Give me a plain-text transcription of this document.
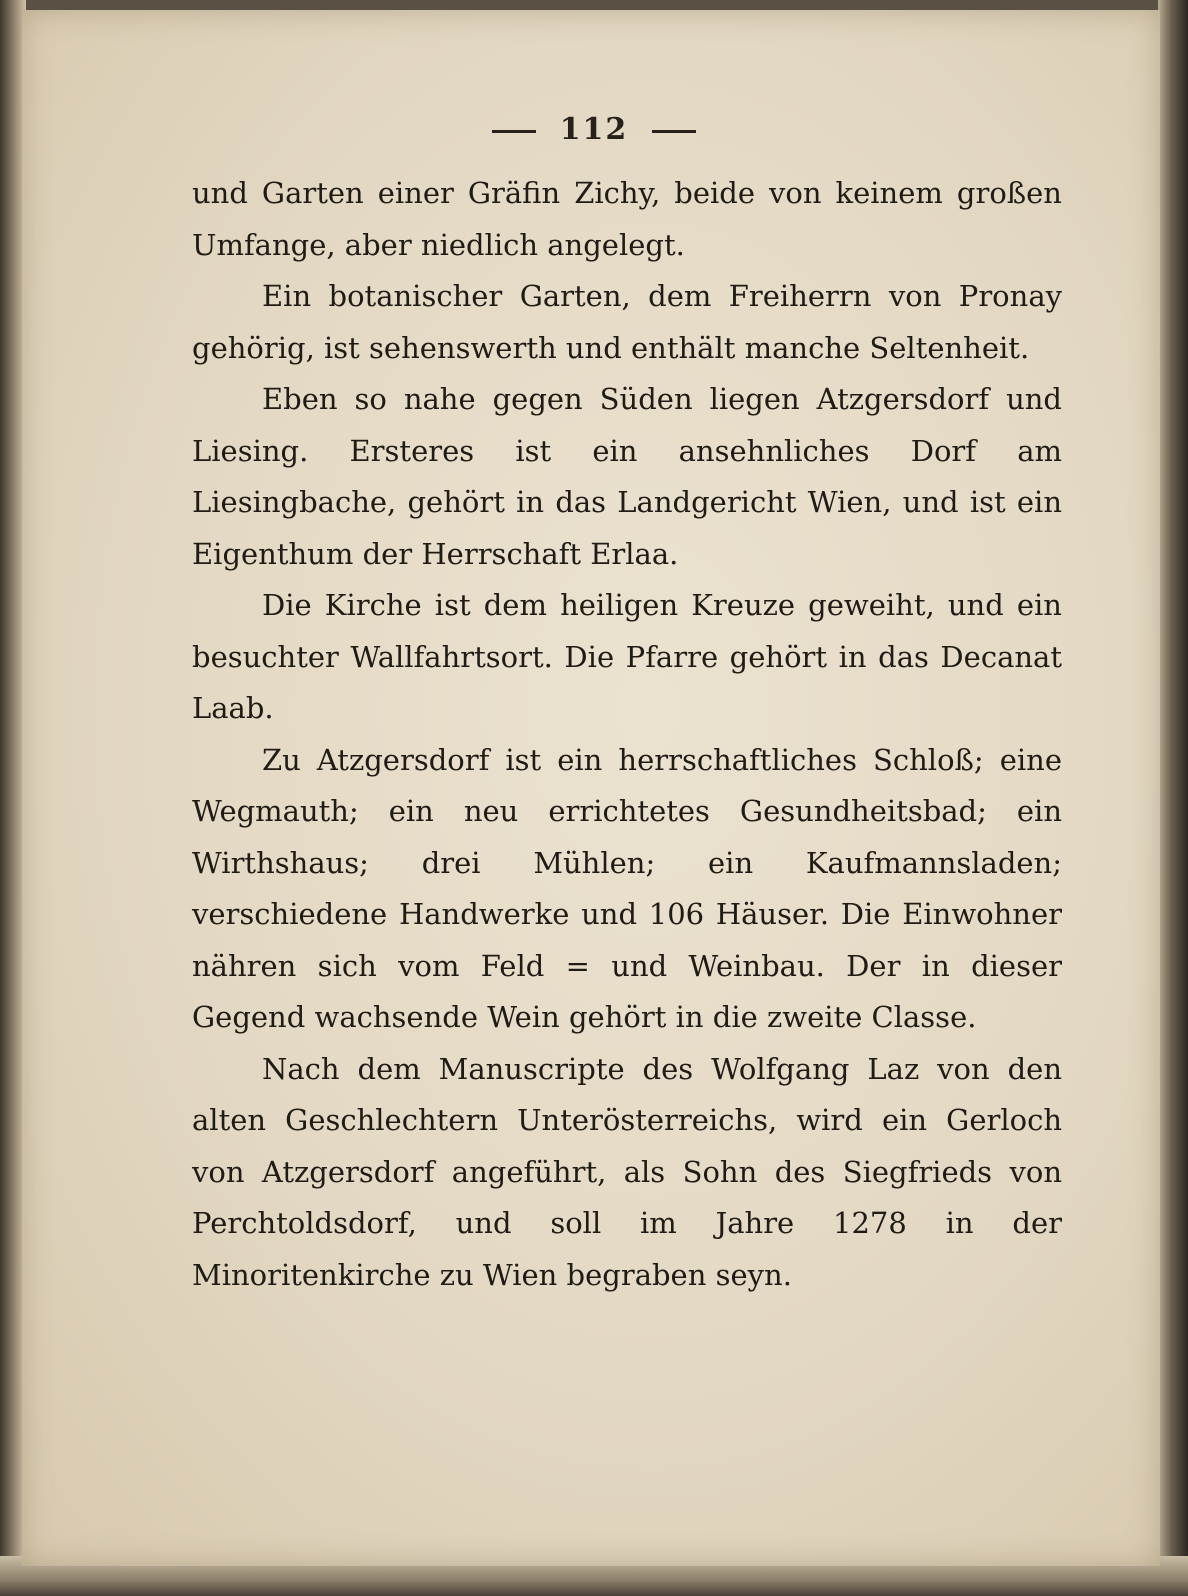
112

und Garten einer Gräfin Zichy, beide von keinem großen Umfange, aber niedlich angelegt.

Ein botanischer Garten, dem Freiherrn von Pronay gehörig, ist sehenswerth und enthält manche Seltenheit.

Eben so nahe gegen Süden liegen Atzgersdorf und Liesing. Ersteres ist ein ansehnliches Dorf am Liesingbache, gehört in das Landgericht Wien, und ist ein Eigenthum der Herrschaft Erlaa.

Die Kirche ist dem heiligen Kreuze geweiht, und ein besuchter Wallfahrtsort. Die Pfarre gehört in das Decanat Laab.

Zu Atzgersdorf ist ein herrschaftliches Schloß; eine Wegmauth; ein neu errichtetes Gesundheitsbad; ein Wirthshaus; drei Mühlen; ein Kaufmannsladen; verschiedene Handwerke und 106 Häuser. Die Einwohner nähren sich vom Feld = und Weinbau. Der in dieser Gegend wachsende Wein gehört in die zweite Classe.

Nach dem Manuscripte des Wolfgang Laz von den alten Geschlechtern Unterösterreichs, wird ein Gerloch von Atzgersdorf angeführt, als Sohn des Siegfrieds von Perchtoldsdorf, und soll im Jahre 1278 in der Minoritenkirche zu Wien begraben seyn.
